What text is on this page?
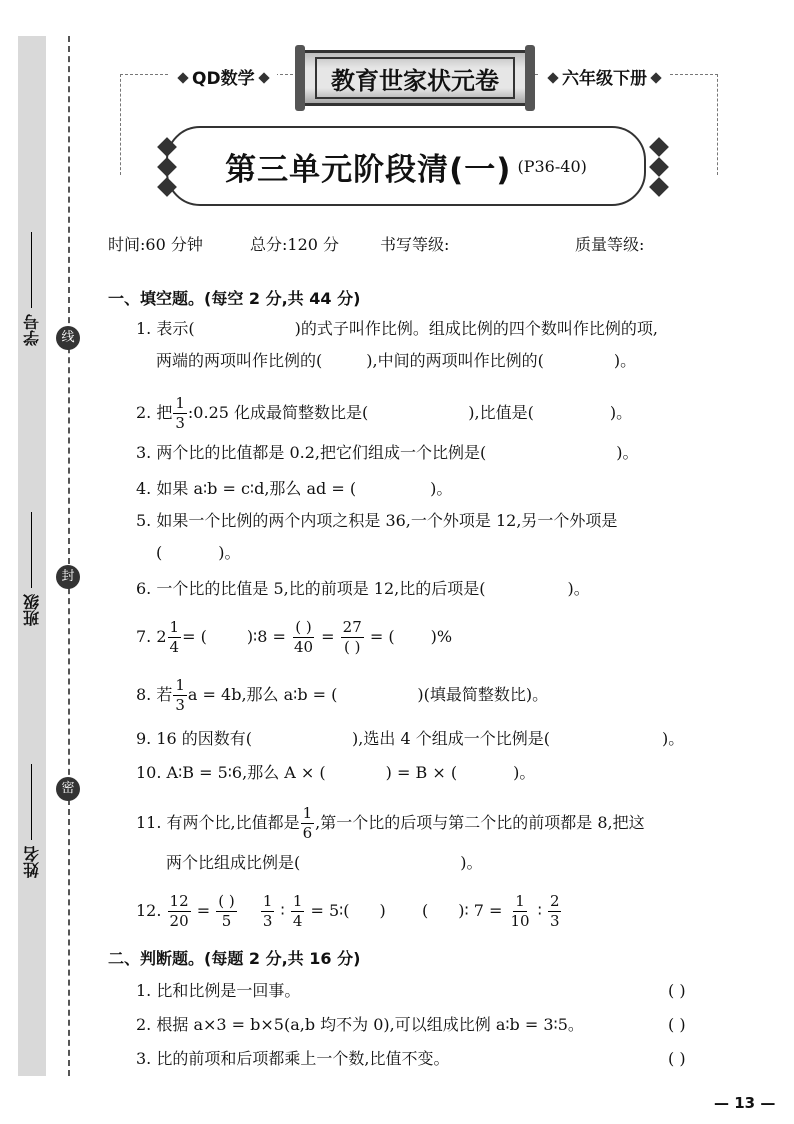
线
封
密
学号
班级
姓名
QD数学	六年级下册
教育世家状元卷
第三单元阶段清(一) (P36-40)
时间:60 分钟	总分:120 分	书写等级:	质量等级:
一、填空题。(每空 2 分,共 44 分)
1. 表示(	)的式子叫作比例。组成比例的四个数叫作比例的项,
两端的两项叫作比例的(	),中间的两项叫作比例的(	)。
2. 把 $\frac{1}{3}$ :0.25 化成最简整数比是(	),比值是(	)。
3. 两个比的比值都是 0.2,把它们组成一个比例是(	)。
4. 如果 a∶b = c∶d,那么 ad = (	)。
5. 如果一个比例的两个内项之积是 36,一个外项是 12,另一个外项是
(	)。
6. 一个比的比值是 5,比的前项是 12,比的后项是(	)。
7. $2 \frac{1}{4}$ = (	)∶8 = $\frac{( )}{40} = \frac{27}{( )}$ = ( )%
8. 若 $\frac{1}{3}$ a = 4b,那么 a∶b = (	)(填最简整数比)。
9. 16 的因数有(	),选出 4 个组成一个比例是(	)。
10. A∶B = 5∶6,那么 A × (	) = B × (	)。
11. 有两个比,比值都是 $\frac{1}{6}$ ,第一个比的后项与第二个比的前项都是 8,把这
两个比组成比例是(	)。
12. $\frac{12}{20} = \frac{( )}{5}$
$\frac{1}{3}$ ∶ $\frac{1}{4}$ = 5∶( ) ( )∶ $7 = \frac{1}{10}$ ∶ $\frac{2}{3}$
二、判断题。(每题 2 分,共 16 分)
1. 比和比例是一回事。	( )
2. 根据 a×3 = b×5(a,b 均不为 0),可以组成比例 a∶b = 3∶5。	( )
3. 比的前项和后项都乘上一个数,比值不变。	( )
— 13 —
